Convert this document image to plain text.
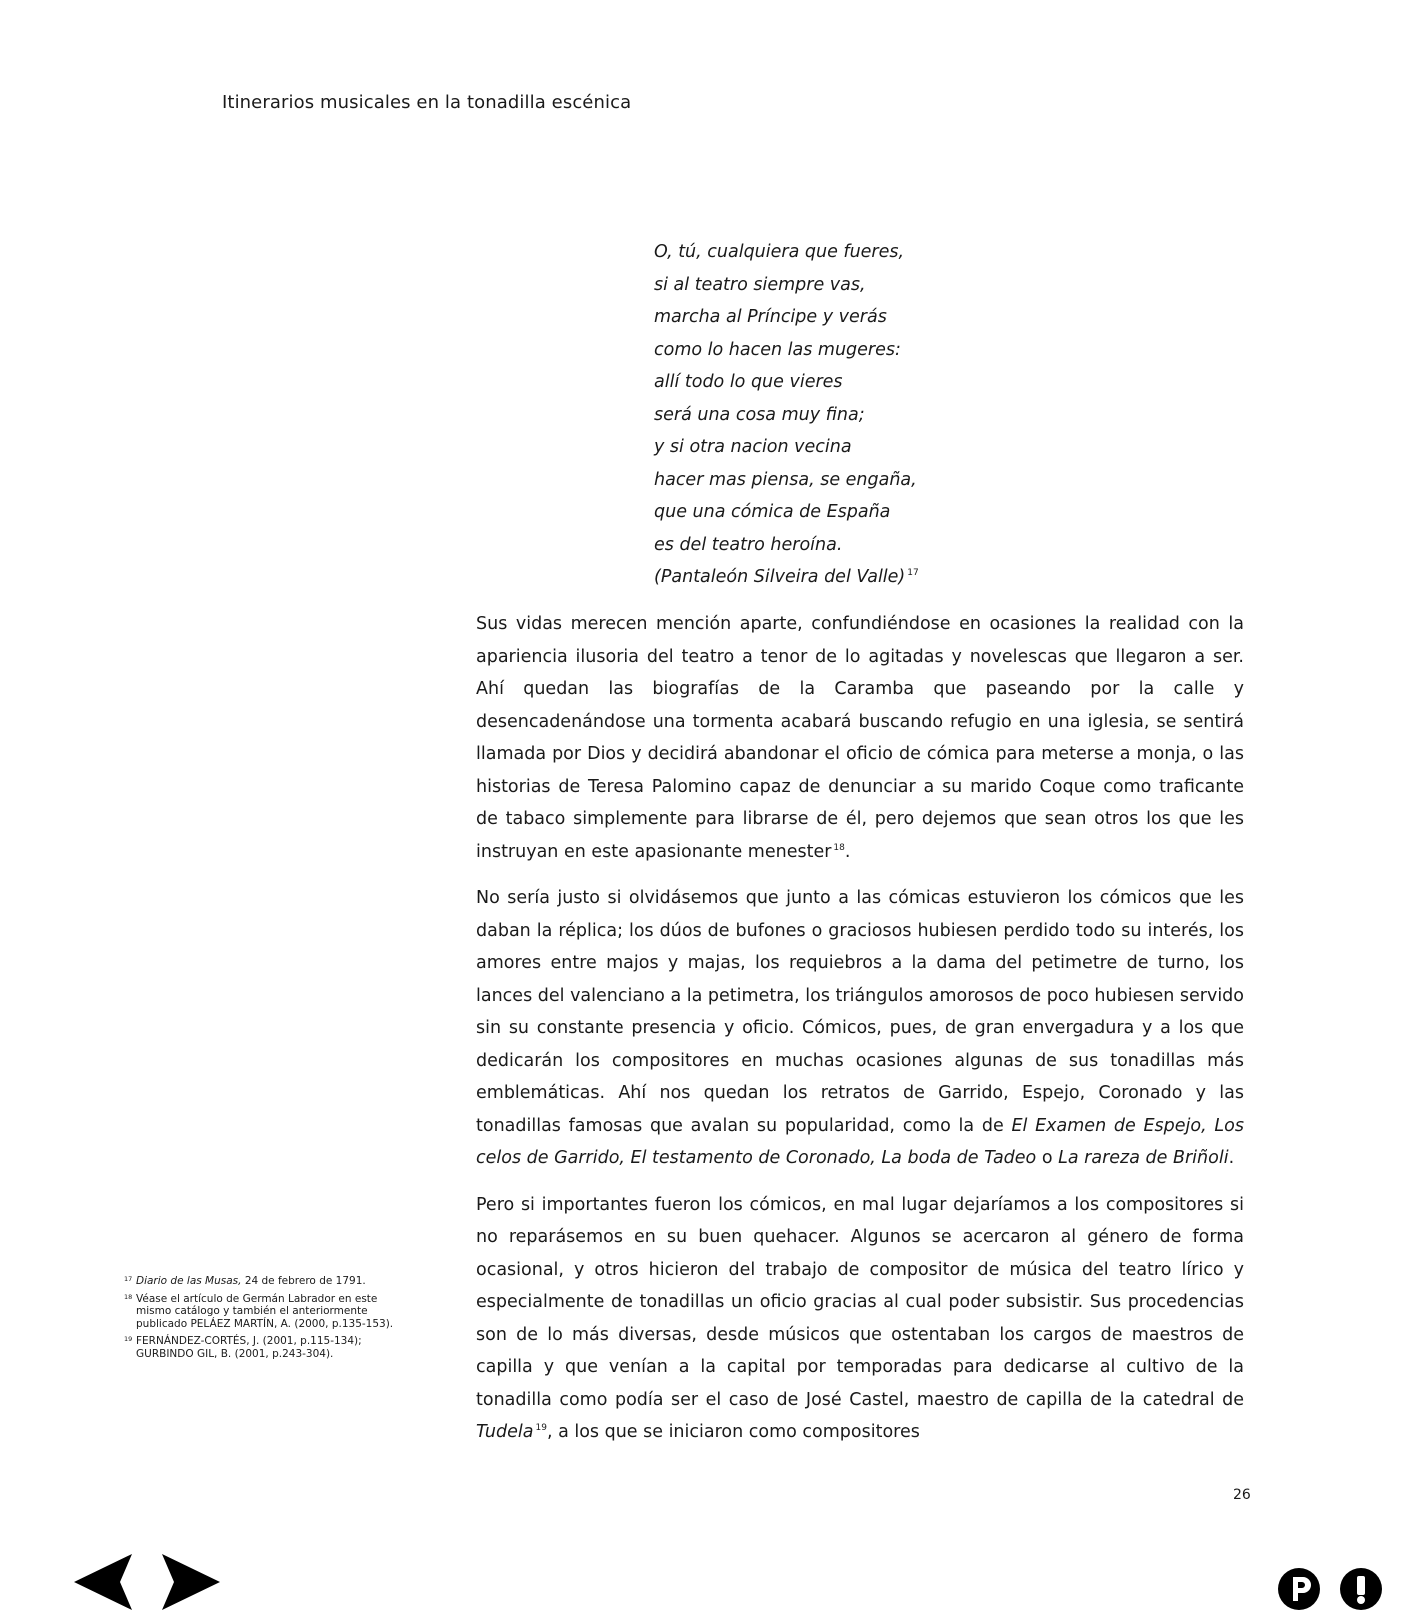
Itinerarios musicales en la tonadilla escénica
O, tú, cualquiera que fueres,
si al teatro siempre vas,
marcha al Príncipe y verás
como lo hacen las mugeres:
allí todo lo que vieres
será una cosa muy fina;
y si otra nacion vecina
hacer mas piensa, se engaña,
que una cómica de España
es del teatro heroína.
(Pantaleón Silveira del Valle) $^{17}$

Sus vidas merecen mención aparte, confundiéndose en ocasiones la realidad con la apariencia ilusoria del teatro a tenor de lo agitadas y novelescas que llegaron a ser. Ahí quedan las biografías de la Caramba que paseando por la calle y desencadenándose una tormenta acabará buscando refugio en una iglesia, se sentirá llamada por Dios y decidirá abandonar el oficio de cómica para meterse a monja, o las historias de Teresa Palomino capaz de denunciar a su marido Coque como traficante de tabaco simplemente para librarse de él, pero dejemos que sean otros los que les instruyan en este apasionante menester $^{18}$.

No sería justo si olvidásemos que junto a las cómicas estuvieron los cómicos que les daban la réplica; los dúos de bufones o graciosos hubiesen perdido todo su interés, los amores entre majos y majas, los requiebros a la dama del petimetre de turno, los lances del valenciano a la petimetra, los triángulos amorosos de poco hubiesen servido sin su constante presencia y oficio. Cómicos, pues, de gran envergadura y a los que dedicarán los compositores en muchas ocasiones algunas de sus tonadillas más emblemáticas. Ahí nos quedan los retratos de Garrido, Espejo, Coronado y las tonadillas famosas que avalan su popularidad, como la de El Examen de Espejo, Los celos de Garrido, El testamento de Coronado, La boda de Tadeo o La rareza de Briñoli.

Pero si importantes fueron los cómicos, en mal lugar dejaríamos a los compositores si no reparásemos en su buen quehacer. Algunos se acercaron al género de forma ocasional, y otros hicieron del trabajo de compositor de música del teatro lírico y especialmente de tonadillas un oficio gracias al cual poder subsistir. Sus procedencias son de lo más diversas, desde músicos que ostentaban los cargos de maestros de capilla y que venían a la capital por temporadas para dedicarse al cultivo de la tonadilla como podía ser el caso de José Castel, maestro de capilla de la catedral de Tudela $^{19}$, a los que se iniciaron como compositores

17 Diario de las Musas, 24 de febrero de 1791.
18 Véase el artículo de Germán Labrador en este mismo catálogo y también el anteriormente publicado PELÁEZ MARTÍN, A. (2000, p.135-153).
19 FERNÁNDEZ-CORTÉS, J. (2001, p.115-134); GURBINDO GIL, B. (2001, p.243-304).
26
